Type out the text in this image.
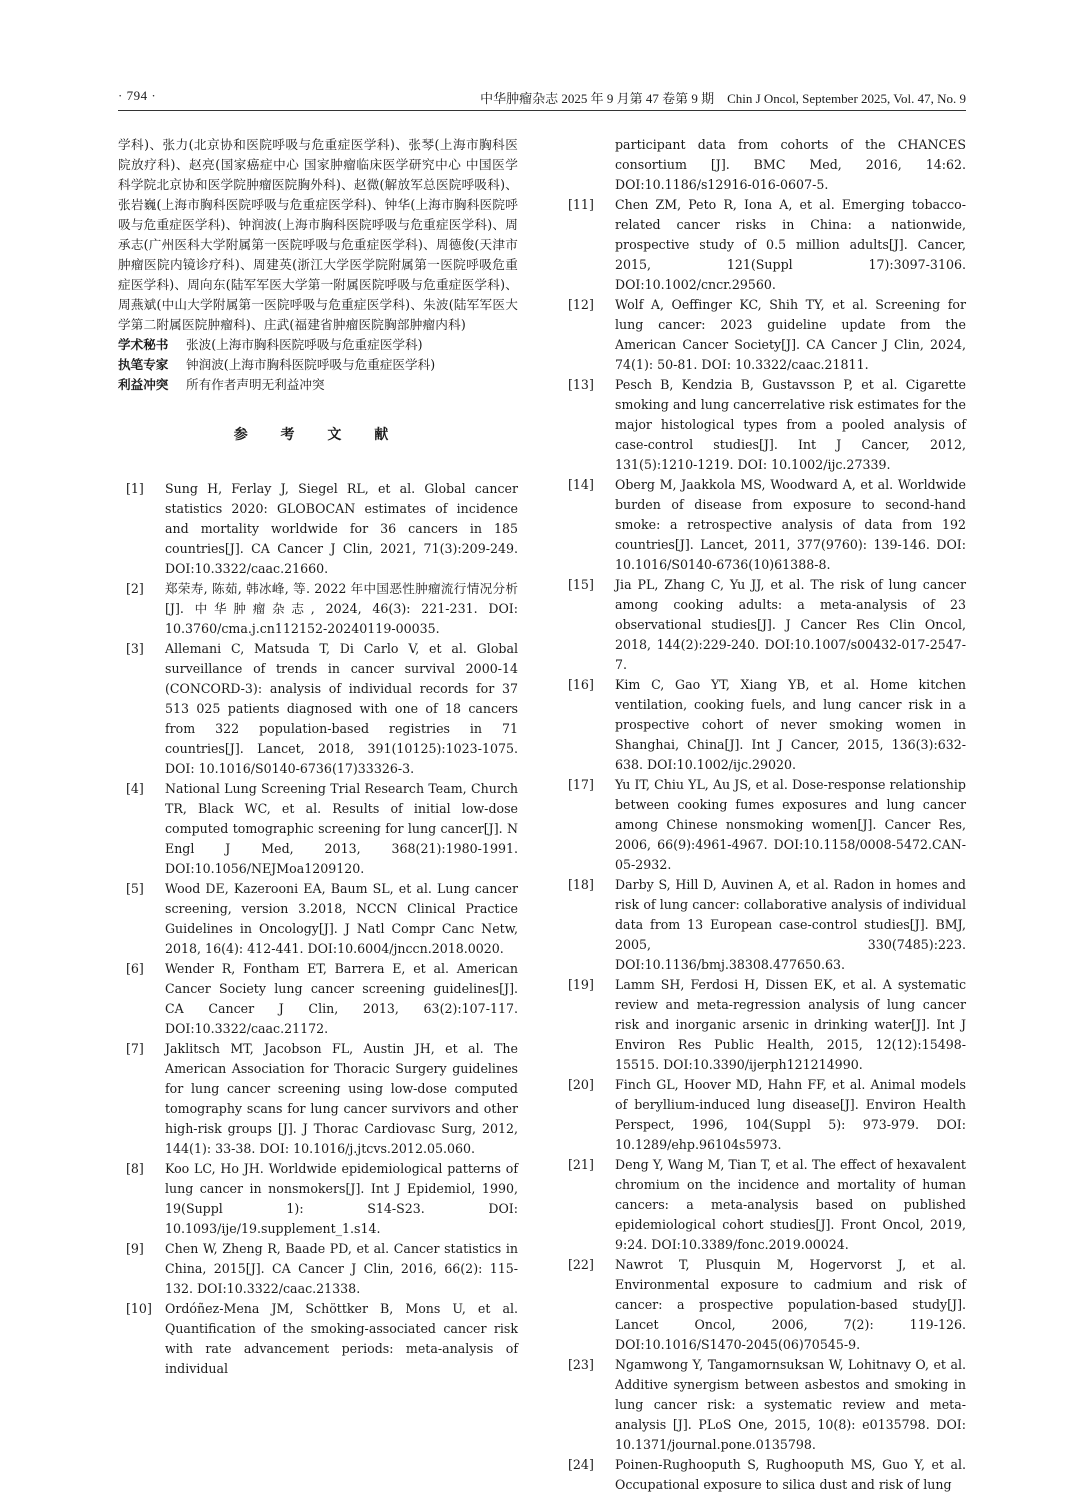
· 794 ·	中华肿瘤杂志 2025 年 9 月第 47 卷第 9 期　Chin J Oncol, September 2025, Vol. 47, No. 9
学科)、张力(北京协和医院呼吸与危重症医学科)、张琴(上海市胸科医院放疗科)、赵亮(国家癌症中心 国家肿瘤临床医学研究中心 中国医学科学院北京协和医学院肿瘤医院胸外科)、赵微(解放军总医院呼吸科)、张岩巍(上海市胸科医院呼吸与危重症医学科)、钟华(上海市胸科医院呼吸与危重症医学科)、钟润波(上海市胸科医院呼吸与危重症医学科)、周承志(广州医科大学附属第一医院呼吸与危重症医学科)、周德俊(天津市肿瘤医院内镜诊疗科)、周建英(浙江大学医学院附属第一医院呼吸危重症医学科)、周向东(陆军军医大学第一附属医院呼吸与危重症医学科)、周燕斌(中山大学附属第一医院呼吸与危重症医学科)、朱波(陆军军医大学第二附属医院肿瘤科)、庄武(福建省肿瘤医院胸部肿瘤内科)
学术秘书	张波(上海市胸科医院呼吸与危重症医学科)
执笔专家	钟润波(上海市胸科医院呼吸与危重症医学科)
利益冲突	所有作者声明无利益冲突
参 考 文 献
[1]	Sung H, Ferlay J, Siegel RL, et al. Global cancer statistics 2020: GLOBOCAN estimates of incidence and mortality worldwide for 36 cancers in 185 countries[J]. CA Cancer J Clin, 2021, 71(3):209-249. DOI:10.3322/caac.21660.
[2]	郑荣寿, 陈茹, 韩冰峰, 等. 2022 年中国恶性肿瘤流行情况分析 [J]. 中华肿瘤杂志, 2024, 46(3): 221-231. DOI: 10.3760/cma.j.cn112152-20240119-00035.
[3]	Allemani C, Matsuda T, Di Carlo V, et al. Global surveillance of trends in cancer survival 2000-14 (CONCORD-3): analysis of individual records for 37 513 025 patients diagnosed with one of 18 cancers from 322 population-based registries in 71 countries[J]. Lancet, 2018, 391(10125):1023-1075. DOI: 10.1016/S0140-6736(17)33326-3.
[4]	National Lung Screening Trial Research Team, Church TR, Black WC, et al. Results of initial low-dose computed tomographic screening for lung cancer[J]. N Engl J Med, 2013, 368(21):1980-1991. DOI:10.1056/NEJMoa1209120.
[5]	Wood DE, Kazerooni EA, Baum SL, et al. Lung cancer screening, version 3.2018, NCCN Clinical Practice Guidelines in Oncology[J]. J Natl Compr Canc Netw, 2018, 16(4): 412-441. DOI:10.6004/jnccn.2018.0020.
[6]	Wender R, Fontham ET, Barrera E, et al. American Cancer Society lung cancer screening guidelines[J]. CA Cancer J Clin, 2013, 63(2):107-117. DOI:10.3322/caac.21172.
[7]	Jaklitsch MT, Jacobson FL, Austin JH, et al. The American Association for Thoracic Surgery guidelines for lung cancer screening using low-dose computed tomography scans for lung cancer survivors and other high-risk groups [J]. J Thorac Cardiovasc Surg, 2012, 144(1): 33-38. DOI: 10.1016/j.jtcvs.2012.05.060.
[8]	Koo LC, Ho JH. Worldwide epidemiological patterns of lung cancer in nonsmokers[J]. Int J Epidemiol, 1990, 19(Suppl 1): S14-S23. DOI: 10.1093/ije/19.supplement_1.s14.
[9]	Chen W, Zheng R, Baade PD, et al. Cancer statistics in China, 2015[J]. CA Cancer J Clin, 2016, 66(2): 115-132. DOI:10.3322/caac.21338.
[10]	Ordóñez-Mena JM, Schöttker B, Mons U, et al. Quantification of the smoking-associated cancer risk with rate advancement periods: meta-analysis of individual
participant data from cohorts of the CHANCES consortium [J]. BMC Med, 2016, 14:62. DOI:10.1186/s12916-016-0607-5.
[11]	Chen ZM, Peto R, Iona A, et al. Emerging tobacco-related cancer risks in China: a nationwide, prospective study of 0.5 million adults[J]. Cancer, 2015, 121(Suppl 17):3097-3106. DOI:10.1002/cncr.29560.
[12]	Wolf A, Oeffinger KC, Shih TY, et al. Screening for lung cancer: 2023 guideline update from the American Cancer Society[J]. CA Cancer J Clin, 2024, 74(1): 50-81. DOI: 10.3322/caac.21811.
[13]	Pesch B, Kendzia B, Gustavsson P, et al. Cigarette smoking and lung cancerrelative risk estimates for the major histological types from a pooled analysis of case-control studies[J]. Int J Cancer, 2012, 131(5):1210-1219. DOI: 10.1002/ijc.27339.
[14]	Oberg M, Jaakkola MS, Woodward A, et al. Worldwide burden of disease from exposure to second-hand smoke: a retrospective analysis of data from 192 countries[J]. Lancet, 2011, 377(9760): 139-146. DOI: 10.1016/S0140-6736(10)61388-8.
[15]	Jia PL, Zhang C, Yu JJ, et al. The risk of lung cancer among cooking adults: a meta-analysis of 23 observational studies[J]. J Cancer Res Clin Oncol, 2018, 144(2):229-240. DOI:10.1007/s00432-017-2547-7.
[16]	Kim C, Gao YT, Xiang YB, et al. Home kitchen ventilation, cooking fuels, and lung cancer risk in a prospective cohort of never smoking women in Shanghai, China[J]. Int J Cancer, 2015, 136(3):632-638. DOI:10.1002/ijc.29020.
[17]	Yu IT, Chiu YL, Au JS, et al. Dose-response relationship between cooking fumes exposures and lung cancer among Chinese nonsmoking women[J]. Cancer Res, 2006, 66(9):4961-4967. DOI:10.1158/0008-5472.CAN-05-2932.
[18]	Darby S, Hill D, Auvinen A, et al. Radon in homes and risk of lung cancer: collaborative analysis of individual data from 13 European case-control studies[J]. BMJ, 2005, 330(7485):223. DOI:10.1136/bmj.38308.477650.63.
[19]	Lamm SH, Ferdosi H, Dissen EK, et al. A systematic review and meta-regression analysis of lung cancer risk and inorganic arsenic in drinking water[J]. Int J Environ Res Public Health, 2015, 12(12):15498-15515. DOI:10.3390/ijerph121214990.
[20]	Finch GL, Hoover MD, Hahn FF, et al. Animal models of beryllium-induced lung disease[J]. Environ Health Perspect, 1996, 104(Suppl 5): 973-979. DOI: 10.1289/ehp.96104s5973.
[21]	Deng Y, Wang M, Tian T, et al. The effect of hexavalent chromium on the incidence and mortality of human cancers: a meta-analysis based on published epidemiological cohort studies[J]. Front Oncol, 2019, 9:24. DOI:10.3389/fonc.2019.00024.
[22]	Nawrot T, Plusquin M, Hogervorst J, et al. Environmental exposure to cadmium and risk of cancer: a prospective population-based study[J]. Lancet Oncol, 2006, 7(2): 119-126. DOI:10.1016/S1470-2045(06)70545-9.
[23]	Ngamwong Y, Tangamornsuksan W, Lohitnavy O, et al. Additive synergism between asbestos and smoking in lung cancer risk: a systematic review and meta-analysis [J]. PLoS One, 2015, 10(8): e0135798. DOI: 10.1371/journal.pone.0135798.
[24]	Poinen-Rughooputh S, Rughooputh MS, Guo Y, et al. Occupational exposure to silica dust and risk of lung
